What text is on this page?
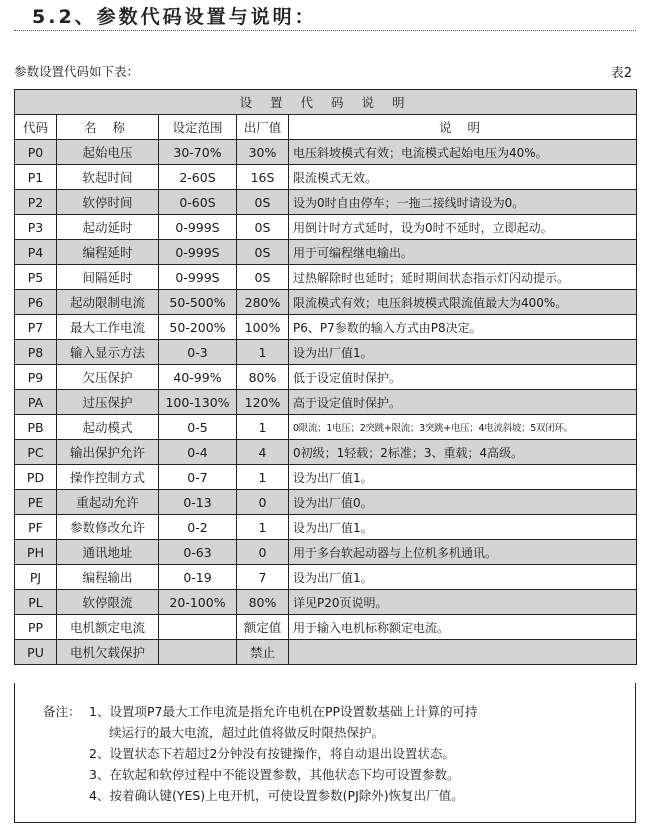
5.2、参数代码设置与说明：
参数设置代码如下表：	表2
设 置 代 码 说 明				
代码	名 称	设定范围	出厂值	说 明
P0	起始电压	30-70%	30%	电压斜坡模式有效；电流模式起始电压为40%。
P1	软起时间	2-60S	16S	限流模式无效。
P2	软停时间	0-60S	0S	设为0时自由停车；一拖二接线时请设为0。
P3	起动延时	0-999S	0S	用倒计时方式延时，设为0时不延时，立即起动。
P4	编程延时	0-999S	0S	用于可编程继电输出。
P5	间隔延时	0-999S	0S	过热解除时也延时；延时期间状态指示灯闪动提示。
P6	起动限制电流	50-500%	280%	限流模式有效；电压斜坡模式限流值最大为400%。
P7	最大工作电流	50-200%	100%	P6、P7参数的输入方式由P8决定。
P8	输入显示方法	0-3	1	设为出厂值1。
P9	欠压保护	40-99%	80%	低于设定值时保护。
PA	过压保护	100-130%	120%	高于设定值时保护。
PB	起动模式	0-5	1	0限流；1电压；2突跳+限流；3突跳+电压；4电流斜坡；5双闭环。
PC	输出保护允许	0-4	4	0初级；1轻载；2标准；3、重载；4高级。
PD	操作控制方式	0-7	1	设为出厂值1。
PE	重起动允许	0-13	0	设为出厂值0。
PF	参数修改允许	0-2	1	设为出厂值1。
PH	通讯地址	0-63	0	用于多台软起动器与上位机多机通讯。
PJ	编程输出	0-19	7	设为出厂值1。
PL	软停限流	20-100%	80%	详见P20页说明。
PP	电机额定电流		额定值	用于输入电机标称额定电流。
PU	电机欠载保护		禁止	
备注： 1、设置项P7最大工作电流是指允许电机在PP设置数基础上计算的可持
续运行的最大电流，超过此值将做反时限热保护。
2、设置状态下若超过2分钟没有按键操作，将自动退出设置状态。
3、在软起和软停过程中不能设置参数，其他状态下均可设置参数。
4、按着确认键(YES)上电开机，可使设置参数(PJ除外)恢复出厂值。
